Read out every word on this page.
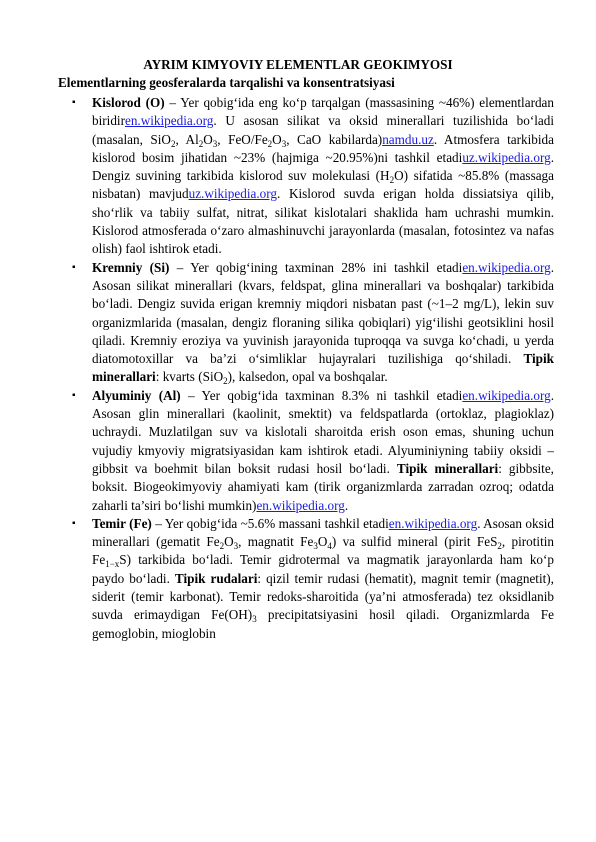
AYRIM KIMYOVIY ELEMENTLAR GEOKIMYOSI
Elementlarning geosferalarda tarqalishi va konsentratsiyasi
▪ Kislorod (O) – Yer qobig‘ida eng ko‘p tarqalgan (massasining ~46%) elementlardan biridiren.wikipedia.org. U asosan silikat va oksid minerallari tuzilishida bo‘ladi (masalan, SiO$_2$, $Al_2O_3$, FeO/$Fe_2O_3$, CaO kabilarda)namdu.uz. Atmosfera tarkibida kislorod bosim jihatidan ~23% (hajmiga ~20.95%)ni tashkil etadiuz.wikipedia.org. Dengiz suvining tarkibida kislorod suv molekulasi $(H_2O)$ sifatida ~85.8% (massaga nisbatan) mavjuduz.wikipedia.org. Kislorod suvda erigan holda dissiatsiya qilib, sho‘rlik va tabiiy sulfat, nitrat, silikat kislotalari shaklida ham uchrashi mumkin. Kislorod atmosferada o‘zaro almashinuvchi jarayonlarda (masalan, fotosintez va nafas olish) faol ishtirok etadi.
▪ Kremniy (Si) – Yer qobig‘ining taxminan 28% ini tashkil etadien.wikipedia.org. Asosan silikat minerallari (kvars, feldspat, glina minerallari va boshqalar) tarkibida bo‘ladi. Dengiz suvida erigan kremniy miqdori nisbatan past (~1–2 mg/L), lekin suv organizmlarida (masalan, dengiz floraning silika qobiqlari) yig‘ilishi geotsiklini hosil qiladi. Kremniy eroziya va yuvinish jarayonida tuproqqa va suvga ko‘chadi, u yerda diatomotoxillar va ba’zi o‘simliklar hujayralari tuzilishiga qo‘shiladi. Tipik minerallari: kvarts (SiO$_2$), kalsedon, opal va boshqalar.
▪ Alyuminiy (Al) – Yer qobig‘ida taxminan 8.3% ni tashkil etadien.wikipedia.org. Asosan glin minerallari (kaolinit, smektit) va feldspatlarda (ortoklaz, plagioklaz) uchraydi. Muzlatilgan suv va kislotali sharoitda erish oson emas, shuning uchun vujudiy kmyoviy migratsiyasidan kam ishtirok etadi. Alyuminiyning tabiiy oksidi – gibbsit va boehmit bilan boksit rudasi hosil bo‘ladi. Tipik minerallari: gibbsite, boksit. Biogeokimyoviy ahamiyati kam (tirik organizmlarda zarradan ozroq; odatda zaharli ta’siri bo‘lishi mumkin)en.wikipedia.org.
▪ Temir (Fe) – Yer qobig‘ida ~5.6% massani tashkil etadien.wikipedia.org. Asosan oksid minerallari (gematit $Fe_2O_3$, magnatit $Fe_3O_4$) va sulfid mineral (pirit FeS$_2$, pirotitin $Fe_{1-x}S$) tarkibida bo‘ladi. Temir gidrotermal va magmatik jarayonlarda ham ko‘p paydo bo‘ladi. Tipik rudalari: qizil temir rudasi (hematit), magnit temir (magnetit), siderit (temir karbonat). Temir redoks-sharoitida (ya’ni atmosferada) tez oksidlanib suvda erimaydigan $Fe(OH)_3$ precipitatsiyasini hosil qiladi. Organizmlarda Fe gemoglobin, mioglobin
